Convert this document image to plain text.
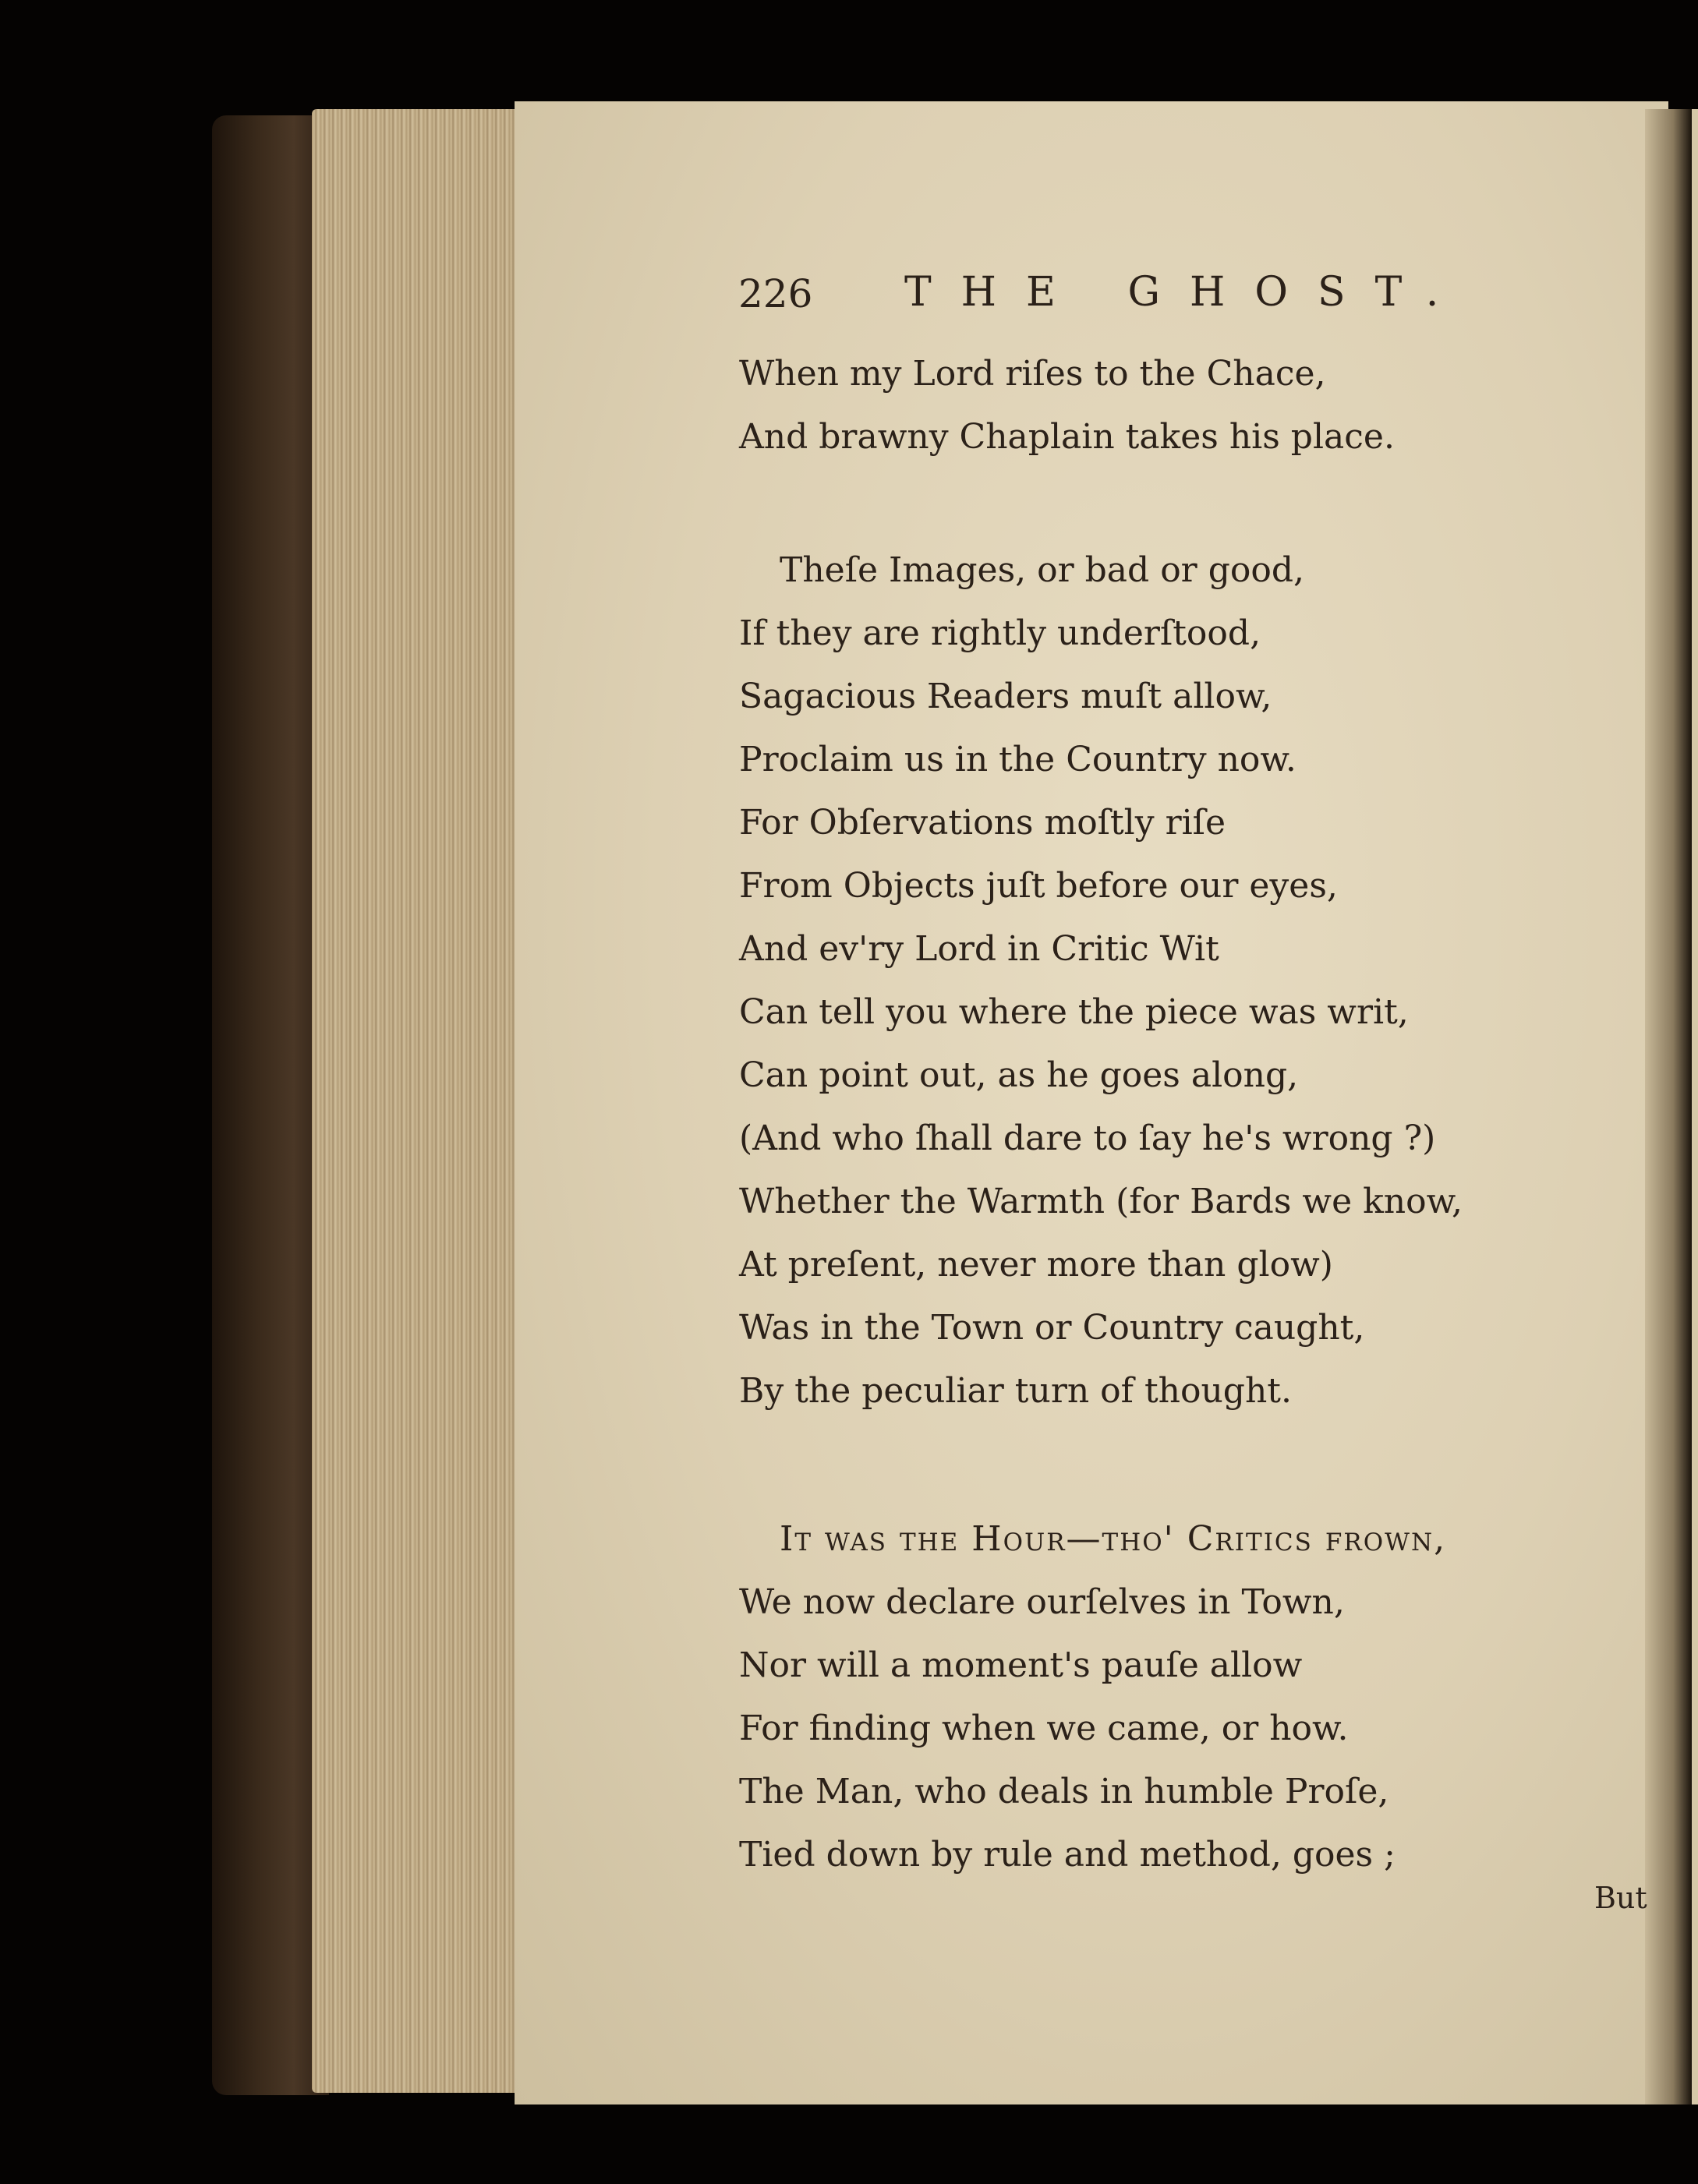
226 THE GHOST.
When my Lord riſes to the Chace,
And brawny Chaplain takes his place.
Theſe Images, or bad or good,
If they are rightly underſtood,
Sagacious Readers muſt allow,
Proclaim us in the Country now.
For Obſervations moſtly riſe
From Objects juſt before our eyes,
And ev'ry Lord in Critic Wit
Can tell you where the piece was writ,
Can point out, as he goes along,
(And who ſhall dare to ſay he's wrong ?)
Whether the Warmth (for Bards we know,
At preſent, never more than glow)
Was in the Town or Country caught,
By the peculiar turn of thought.
It was the Hour—tho' Critics frown,
We now declare ourſelves in Town,
Nor will a moment's pauſe allow
For finding when we came, or how.
The Man, who deals in humble Proſe,
Tied down by rule and method, goes ;
But
